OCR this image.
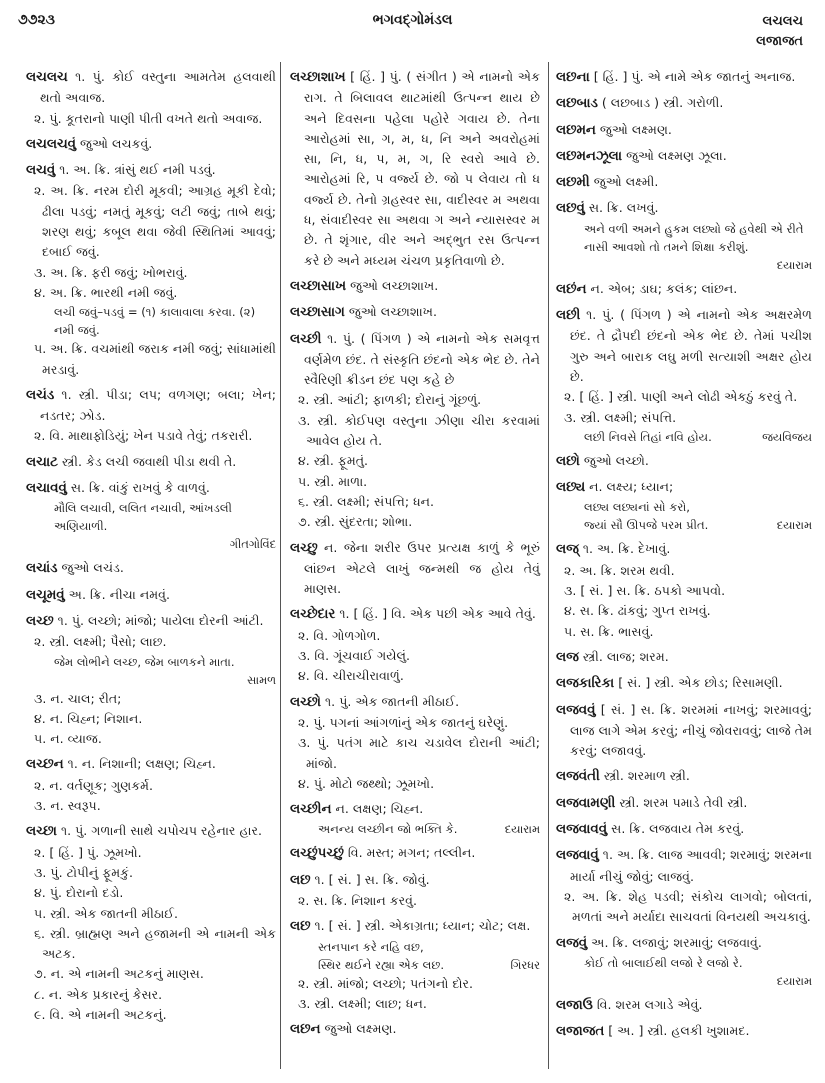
૭૭૨૩	ભગવદ્ગોમંડલ	લચલચ
લજાજત
લચલચ ૧. પું. કોઈ વસ્તુના આમતેમ હલવાથી થતો અવાજ.
૨. પું. કૂતરાનો પાણી પીતી વખતે થતો અવાજ.
લચલચવું જુઓ લચકવું.
લચવું ૧. અ. ક્રિ. ત્રાંસું થઈ નમી પડવું.
૨. અ. ક્રિ. નરમ દોરી મૂકવી; આગ્રહ મૂકી દેવો; ઢીલા પડવું; નમતું મૂકવું; લટી જવું; તાબે થવું; શરણ થવું; કબૂલ થવા જેવી સ્થિતિમાં આવવું; દબાઈ જવું.
૩. અ. ક્રિ. ફરી જવું; ખોભરાવું.
૪. અ. ક્રિ. ભારથી નમી જવું.
લચી જવું–પડવું = (૧) કાલાવાલા કરવા. (૨) નમી જવું.
૫. અ. ક્રિ. વચમાંથી જરાક નમી જવું; સાંધામાંથી મરડાવું.
લચંડ ૧. સ્ત્રી. પીડા; લપ; વળગણ; બલા; ખેન; નડતર; ઝોડ.
૨. વિ. માથાફોડિયું; ખેન પડાવે તેવું; તકરારી.
લચાટ સ્ત્રી. કેડ લચી જવાથી પીડા થવી તે.
લચાવવું સ. ક્રિ. વાંકું રાખવું કે વાળવું.
મૌલિ લચાવી, લલિત નચાવી, આંખડલી અણિયાળી.
ગીતગોવિંદ
લચાંડ જુઓ લચંડ.
લચૂમવું અ. ક્રિ. નીચા નમવું.
લચ્છ ૧. પું. લચ્છો; માંજો; પાયેલા દોરની આંટી.
૨. સ્ત્રી. લક્ષ્મી; પૈસો; લાછ.
જેમ લોભીને લચ્છ, જેમ બાળકને માતા.
સામળ
૩. ન. ચાલ; રીત;
૪. ન. ચિહ્ન; નિશાન.
૫. ન. વ્યાજ.
લચ્છન ૧. ન. નિશાની; લક્ષણ; ચિહ્ન.
૨. ન. વર્તણૂક; ગુણકર્મ.
૩. ન. સ્વરૂપ.
લચ્છા ૧. પું. ગળાની સાથે ચપોચપ રહેનાર હાર.
૨. [ હિં. ] પું. ઝૂમખો.
૩. પું. ટોપીનું ફૂમકું.
૪. પું. દોરાનો દડો.
૫. સ્ત્રી. એક જાતની મીઠાઈ.
૬. સ્ત્રી. બ્રાહ્મણ અને હજામની એ નામની એક અટક.
૭. ન. એ નામની અટકનું માણસ.
૮. ન. એક પ્રકારનું કેસર.
૯. વિ. એ નામની અટકનું.
લચ્છાશાખ [ હિં. ] પું. ( સંગીત ) એ નામનો એક રાગ. તે બિલાવલ થાટમાંથી ઉત્પન્ન થાય છે અને દિવસના પહેલા પહોરે ગવાય છે. તેના આરોહમાં સા, ગ, મ, ધ, નિ અને અવરોહમાં સા, નિ, ધ, પ, મ, ગ, રિ સ્વરો આવે છે. આરોહમાં રિ, પ વર્જ્ય છે. જો પ લેવાય તો ધ વર્જ્ય છે. તેનો ગ્રહસ્વર સા, વાદીસ્વર મ અથવા ધ, સંવાદીસ્વર સા અથવા ગ અને ન્યાસસ્વર મ છે. તે શૃંગાર, વીર અને અદ્ભુત રસ ઉત્પન્ન કરે છે અને મધ્યમ ચંચળ પ્રકૃતિવાળો છે.
લચ્છાસાખ જુઓ લચ્છાશાખ.
લચ્છાસાગ જુઓ લચ્છાશાખ.
લચ્છી ૧. પું. ( પિંગળ ) એ નામનો એક સમવૃત્ત વર્ણમેળ છંદ. તે સંસ્કૃતિ છંદનો એક ભેદ છે. તેને સ્વૈરિણી ક્રીડન છંદ પણ કહે છે
૨. સ્ત્રી. આંટી; ફાળકી; દોરાનું ગૂંછળું.
૩. સ્ત્રી. કોઈપણ વસ્તુના ઝીણા ચીરા કરવામાં આવેલ હોય તે.
૪. સ્ત્રી. ફૂમતું.
૫. સ્ત્રી. માળા.
૬. સ્ત્રી. લક્ષ્મી; સંપત્તિ; ધન.
૭. સ્ત્રી. સુંદરતા; શોભા.
લચ્છુ ન. જેના શરીર ઉપર પ્રત્યક્ષ કાળું કે ભૂરું લાંછન એટલે લાખું જન્મથી જ હોય તેવું માણસ.
લચ્છેદાર ૧. [ હિં. ] વિ. એક પછી એક આવે તેવું.
૨. વિ. ગોળગોળ.
૩. વિ. ગૂંચવાઈ ગયેલું.
૪. વિ. ચીરાચીરાવાળું.
લચ્છો ૧. પું. એક જાતની મીઠાઈ.
૨. પું. પગનાં આંગળાંનું એક જાતનું ઘરેણું.
૩. પું. પતંગ માટે કાચ ચડાવેલ દોરાની આંટી; માંજો.
૪. પું. મોટો જથ્થો; ઝૂમખો.
લચ્છીન ન. લક્ષણ; ચિહ્ન.
દયારામ
અનન્ય લચ્છીન જો ભક્તિ કે.
લચ્છુંપચ્છું વિ. મસ્ત; મગન; તલ્લીન.
લછ ૧. [ સં. ] સ. ક્રિ. જોવું.
૨. સ. ક્રિ. નિશાન કરવું.
લછ ૧. [ સં. ] સ્ત્રી. એકાગ્રતા; ધ્યાન; ચોટ; લક્ષ.
સ્તનપાન કરે નહિ વછ,
ગિરધર
સ્થિર થઈને રહ્યા એક લછ.
૨. સ્ત્રી. માંજો; લચ્છો; પતંગનો દોર.
૩. સ્ત્રી. લક્ષ્મી; લાછ; ધન.
લછન જુઓ લક્ષ્મણ.
લછના [ હિં. ] પું. એ નામે એક જાતનું અનાજ.
લછબાડ ( લછબાડ ) સ્ત્રી. ગરોળી.
લછમન જુઓ લક્ષ્મણ.
લછમનઝૂલા જુઓ લક્ષ્મણ ઝૂલા.
લછમી જુઓ લક્ષ્મી.
લછવું સ. ક્રિ. લખવું.
અને વળી અમને હુકમ લછ્યો જે હવેથી એ રીતે નાસી આવશો તો તમને શિક્ષા કરીશું.
દયારામ
લછંન ન. એબ; ડાઘ; કલંક; લાંછન.
લછી ૧. પું. ( પિંગળ ) એ નામનો એક અક્ષરમેળ છંદ. તે દ્રૌપદી છંદનો એક ભેદ છે. તેમાં પચીશ ગુરુ અને બારાક લઘુ મળી સત્યાશી અક્ષર હોય છે.
૨. [ હિં. ] સ્ત્રી. પાણી અને લોઢી એકઠું કરવું તે.
૩. સ્ત્રી. લક્ષ્મી; સંપત્તિ.
જયવિજય
લછી નિવસે તિહાં નવિ હોય.
લછો જુઓ લચ્છો.
લછ્ય ન. લક્ષ્ય; ધ્યાન;
લછ્ય લછ્યનાં સો કરો,
દયારામ
જ્યાં સૌ ઊપજે પરમ પ્રીત.
લજ્ ૧. અ. ક્રિ. દેખાવું.
૨. અ. ક્રિ. શરમ થવી.
૩. [ સં. ] સ. ક્રિ. ઠપકો આપવો.
૪. સ. ક્રિ. ઢાંકવું; ગુપ્ત રાખવું.
૫. સ. ક્રિ. ભાસવું.
લજ સ્ત્રી. લાજ; શરમ.
લજકારિકા [ સં. ] સ્ત્રી. એક છોડ; રિસામણી.
લજવવું [ સં. ] સ. ક્રિ. શરમમાં નાખવું; શરમાવવું; લાજ લાગે એમ કરવું; નીચું જોવરાવવું; લાજે તેમ કરવું; લજાવવું.
લજવંતી સ્ત્રી. શરમાળ સ્ત્રી.
લજવામણી સ્ત્રી. શરમ પમાડે તેવી સ્ત્રી.
લજવાવવું સ. ક્રિ. લજવાય તેમ કરવું.
લજવાવું ૧. અ. ક્રિ. લાજ આવવી; શરમાવું; શરમના માર્યા નીચું જોવું; લાજવું.
૨. અ. ક્રિ. શેહ પડવી; સંકોચ લાગવો; બોલતાં, મળતાં અને મર્યાદા સાચવતાં વિનયથી અચકાવું.
લજવું અ. ક્રિ. લજાવું; શરમાવું; લજવાવું.
કોઈ તો બાલાઈથી લજો રે લજો રે.
દયારામ
લજાઉ વિ. શરમ લગાડે એવું.
લજાજત [ અ. ] સ્ત્રી. હલકી ખુશામદ.
